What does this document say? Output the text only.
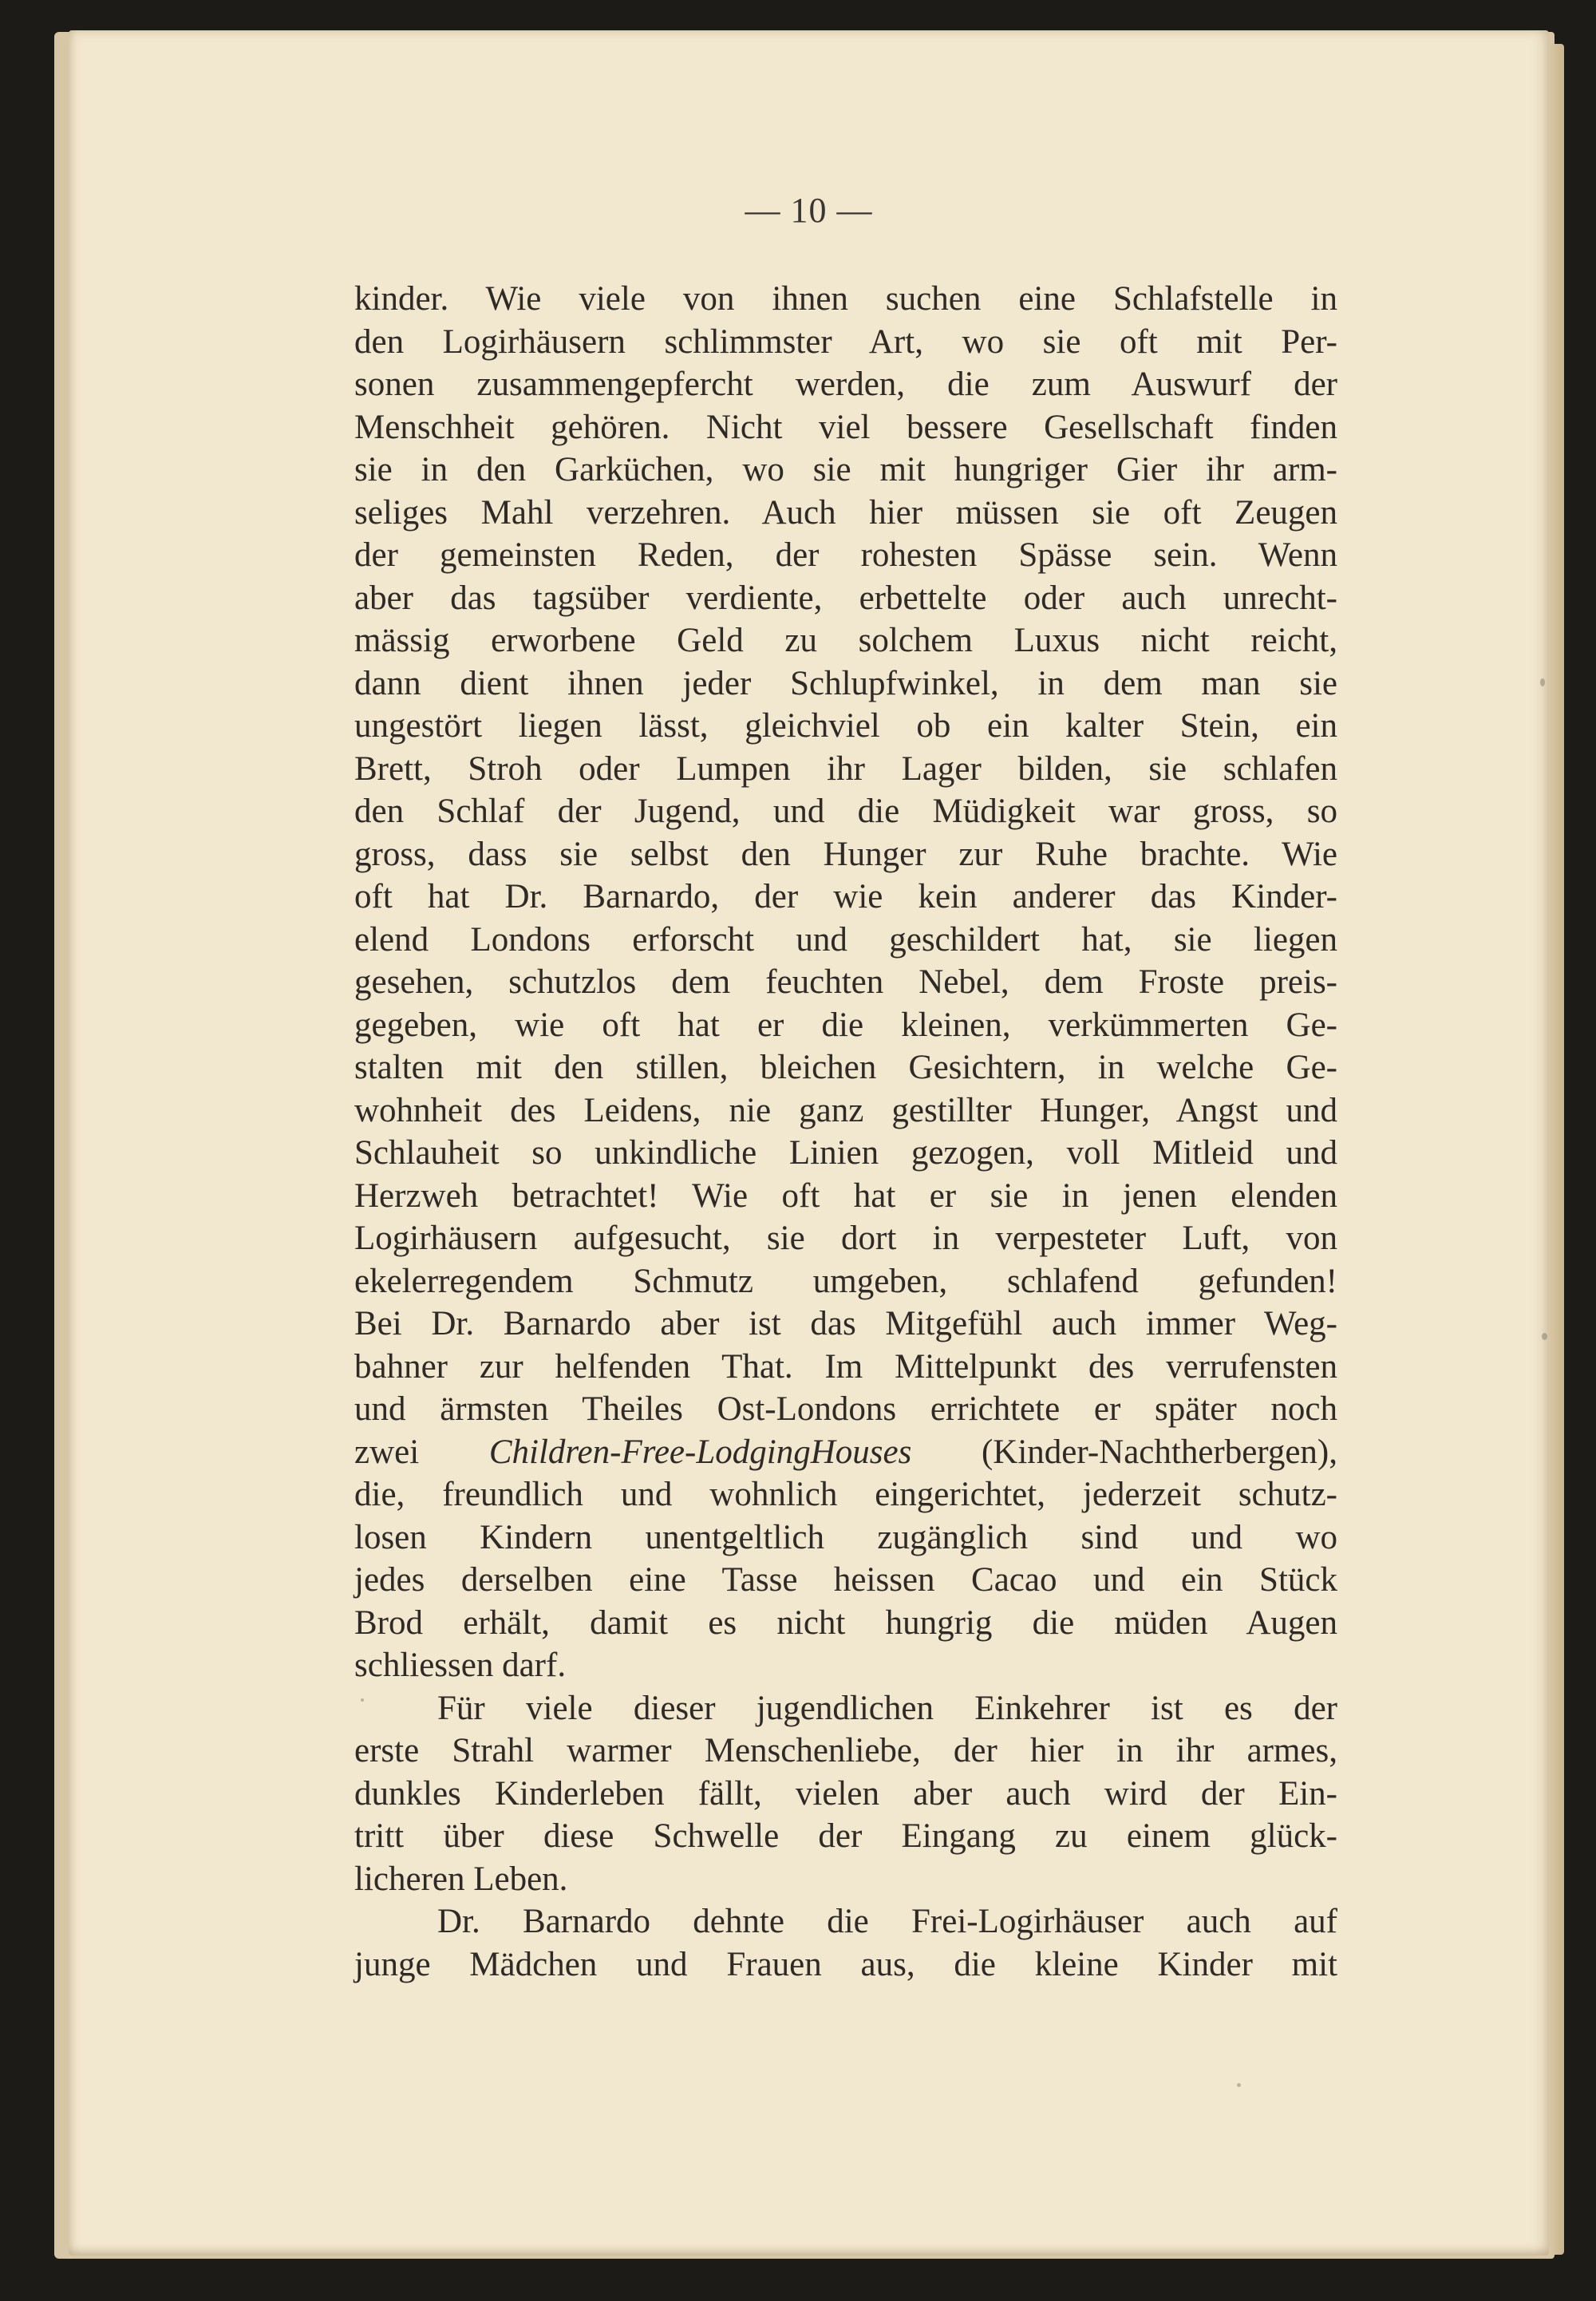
— 10 —
kinder. Wie viele von ihnen suchen eine Schlafstelle in
den Logirhäusern schlimmster Art, wo sie oft mit Per-
sonen zusammengepfercht werden, die zum Auswurf der
Menschheit gehören. Nicht viel bessere Gesellschaft finden
sie in den Garküchen, wo sie mit hungriger Gier ihr arm-
seliges Mahl verzehren. Auch hier müssen sie oft Zeugen
der gemeinsten Reden, der rohesten Spässe sein. Wenn
aber das tagsüber verdiente, erbettelte oder auch unrecht-
mässig erworbene Geld zu solchem Luxus nicht reicht,
dann dient ihnen jeder Schlupfwinkel, in dem man sie
ungestört liegen lässt, gleichviel ob ein kalter Stein, ein
Brett, Stroh oder Lumpen ihr Lager bilden, sie schlafen
den Schlaf der Jugend, und die Müdigkeit war gross, so
gross, dass sie selbst den Hunger zur Ruhe brachte. Wie
oft hat Dr. Barnardo, der wie kein anderer das Kinder-
elend Londons erforscht und geschildert hat, sie liegen
gesehen, schutzlos dem feuchten Nebel, dem Froste preis-
gegeben, wie oft hat er die kleinen, verkümmerten Ge-
stalten mit den stillen, bleichen Gesichtern, in welche Ge-
wohnheit des Leidens, nie ganz gestillter Hunger, Angst und
Schlauheit so unkindliche Linien gezogen, voll Mitleid und
Herzweh betrachtet! Wie oft hat er sie in jenen elenden
Logirhäusern aufgesucht, sie dort in verpesteter Luft, von
ekelerregendem Schmutz umgeben, schlafend gefunden!
Bei Dr. Barnardo aber ist das Mitgefühl auch immer Weg-
bahner zur helfenden That. Im Mittelpunkt des verrufensten
und ärmsten Theiles Ost-Londons errichtete er später noch
zwei Children-Free-LodgingHouses (Kinder-Nachtherbergen),
die, freundlich und wohnlich eingerichtet, jederzeit schutz-
losen Kindern unentgeltlich zugänglich sind und wo
jedes derselben eine Tasse heissen Cacao und ein Stück
Brod erhält, damit es nicht hungrig die müden Augen
schliessen darf.
Für viele dieser jugendlichen Einkehrer ist es der
erste Strahl warmer Menschenliebe, der hier in ihr armes,
dunkles Kinderleben fällt, vielen aber auch wird der Ein-
tritt über diese Schwelle der Eingang zu einem glück-
licheren Leben.
Dr. Barnardo dehnte die Frei-Logirhäuser auch auf
junge Mädchen und Frauen aus, die kleine Kinder mit
